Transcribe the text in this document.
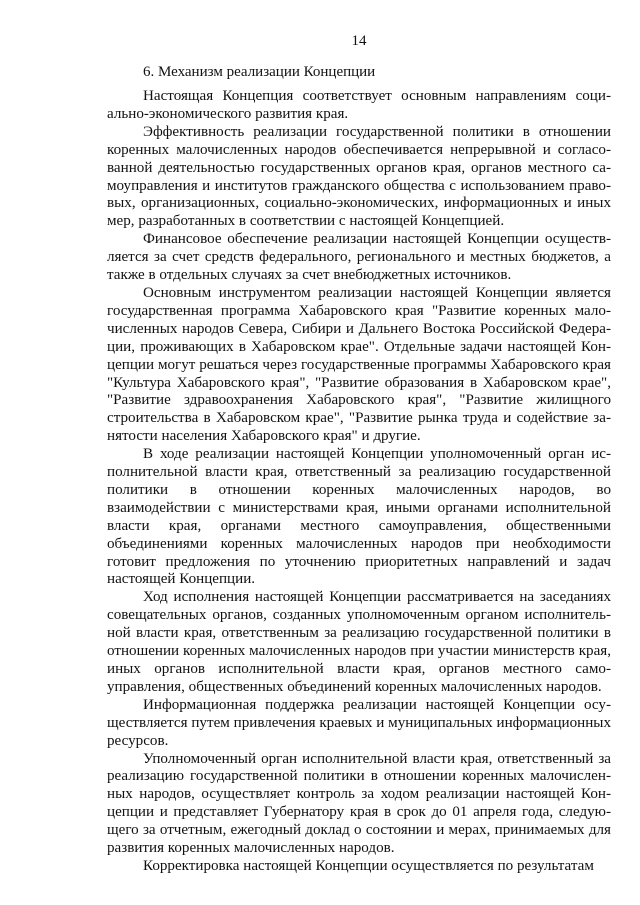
14
6. Механизм реализации Концепции

Настоящая Концепция соответствует основным направлениям социально-экономического развития края.

Эффективность реализации государственной политики в отношении коренных малочисленных народов обеспечивается непрерывной и согласованной деятельностью государственных органов края, органов местного самоуправления и институтов гражданского общества с использованием правовых, организационных, социально-экономических, информационных и иных мер, разработанных в соответствии с настоящей Концепцией.

Финансовое обеспечение реализации настоящей Концепции осуществляется за счет средств федерального, регионального и местных бюджетов, а также в отдельных случаях за счет внебюджетных источников.

Основным инструментом реализации настоящей Концепции является государственная программа Хабаровского края "Развитие коренных малочисленных народов Севера, Сибири и Дальнего Востока Российской Федерации, проживающих в Хабаровском крае". Отдельные задачи настоящей Концепции могут решаться через государственные программы Хабаровского края "Культура Хабаровского края", "Развитие образования в Хабаровском крае", "Развитие здравоохранения Хабаровского края", "Развитие жилищного строительства в Хабаровском крае", "Развитие рынка труда и содействие занятости населения Хабаровского края" и другие.

В ходе реализации настоящей Концепции уполномоченный орган исполнительной власти края, ответственный за реализацию государственной политики в отношении коренных малочисленных народов, во взаимодействии с министерствами края, иными органами исполнительной власти края, органами местного самоуправления, общественными объединениями коренных малочисленных народов при необходимости готовит предложения по уточнению приоритетных направлений и задач настоящей Концепции.

Ход исполнения настоящей Концепции рассматривается на заседаниях совещательных органов, созданных уполномоченным органом исполнительной власти края, ответственным за реализацию государственной политики в отношении коренных малочисленных народов при участии министерств края, иных органов исполнительной власти края, органов местного самоуправления, общественных объединений коренных малочисленных народов.

Информационная поддержка реализации настоящей Концепции осуществляется путем привлечения краевых и муниципальных информационных ресурсов.

Уполномоченный орган исполнительной власти края, ответственный за реализацию государственной политики в отношении коренных малочисленных народов, осуществляет контроль за ходом реализации настоящей Концепции и представляет Губернатору края в срок до 01 апреля года, следующего за отчетным, ежегодный доклад о состоянии и мерах, принимаемых для развития коренных малочисленных народов.

Корректировка настоящей Концепции осуществляется по результатам
